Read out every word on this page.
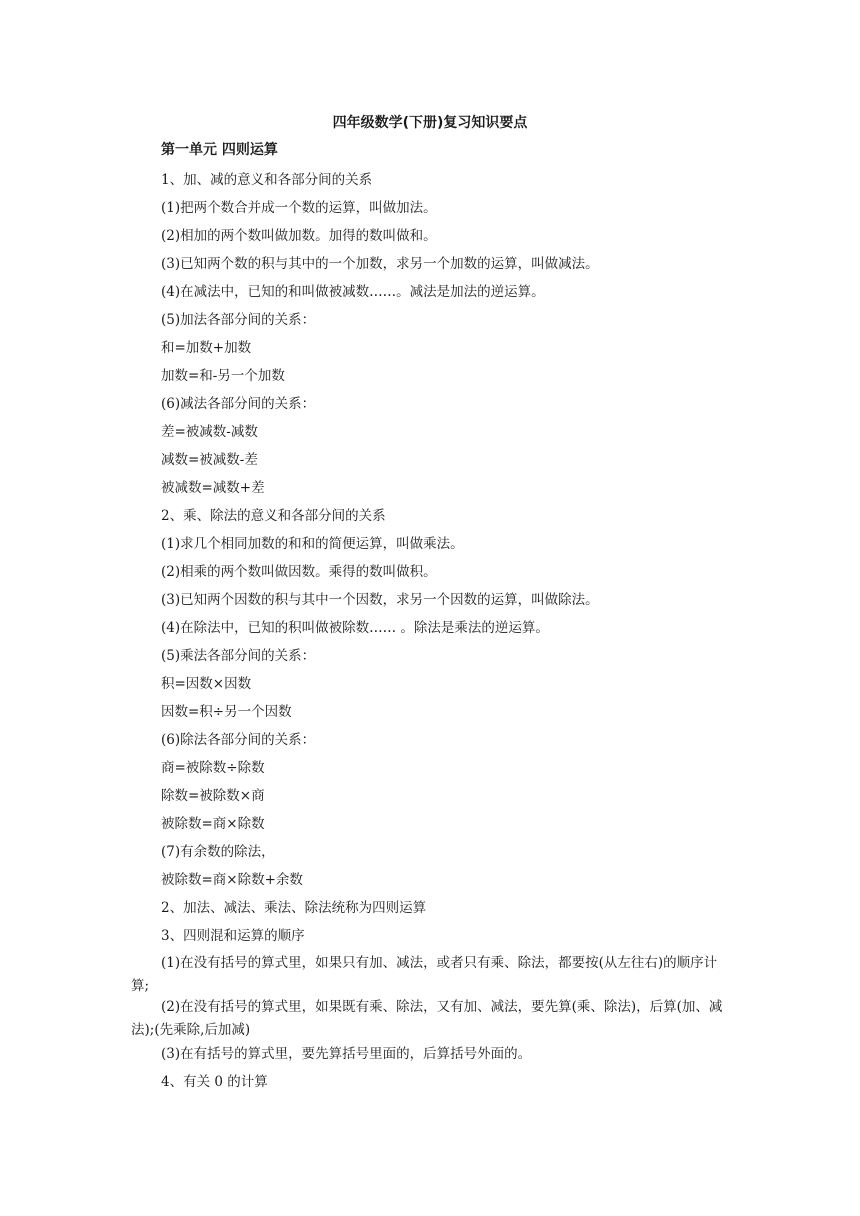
四年级数学(下册)复习知识要点
第一单元 四则运算
1、加、减的意义和各部分间的关系
(1)把两个数合并成一个数的运算，叫做加法。
(2)相加的两个数叫做加数。加得的数叫做和。
(3)已知两个数的积与其中的一个加数，求另一个加数的运算，叫做减法。
(4)在减法中，已知的和叫做被减数……。减法是加法的逆运算。
(5)加法各部分间的关系：
和=加数+加数
加数=和-另一个加数
(6)减法各部分间的关系：
差=被减数-减数
减数=被减数-差
被减数=减数+差
2、乘、除法的意义和各部分间的关系
(1)求几个相同加数的和和的简便运算，叫做乘法。
(2)相乘的两个数叫做因数。乘得的数叫做积。
(3)已知两个因数的积与其中一个因数，求另一个因数的运算，叫做除法。
(4)在除法中，已知的积叫做被除数…… 。除法是乘法的逆运算。
(5)乘法各部分间的关系：
积=因数×因数
因数=积÷另一个因数
(6)除法各部分间的关系：
商=被除数÷除数
除数=被除数×商
被除数=商×除数
(7)有余数的除法，
被除数=商×除数+余数
2、加法、减法、乘法、除法统称为四则运算
3、四则混和运算的顺序
(1)在没有括号的算式里，如果只有加、减法，或者只有乘、除法，都要按(从左往右)的顺序计算;
(2)在没有括号的算式里，如果既有乘、除法，又有加、减法，要先算(乘、除法)，后算(加、减法);(先乘除,后加减)
(3)在有括号的算式里，要先算括号里面的，后算括号外面的。
4、有关 0 的计算
